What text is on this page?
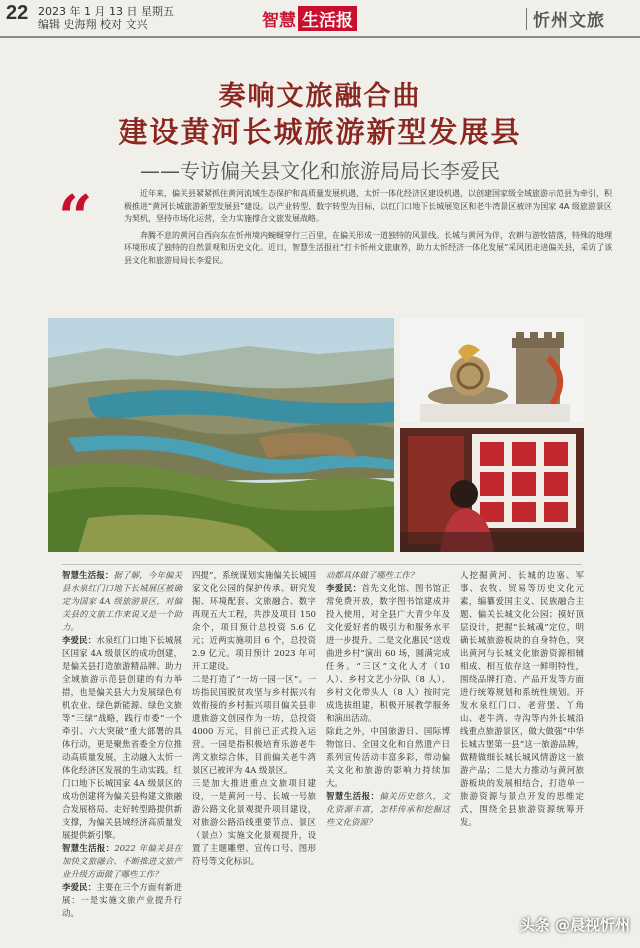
22 2023 年 1 月 13 日 星期五
编辑 史海翔 校对 文兴	智慧 生活报	忻州文旅
奏响文旅融合曲
建设黄河长城旅游新型发展县
——专访偏关县文化和旅游局局长李爱民
“	近年来，偏关县紧紧抓住黄河流域生态保护和高质量发展机遇、太忻一体化经济区建设机遇，以创建国家级全域旅游示范县为牵引，积极推进“黄河长城旅游新型发展县”建设。以产业转型、数字转型为目标，以红门口地下长城展览区和老牛湾景区被评为国家 4A 级旅游景区为契机，坚持市场化运营，全力实施撑合文旅发展战略。

奔腾不息的黄河自西向东在忻州境内蜿蜒穿行三百里，在偏关形成一道独特的风景线。长城与黄河为伴，农耕与游牧错落，特殊的地理环境形成了独特的自然景观和历史文化。近日，智慧生活报社“打卡忻州文旅康养，助力太忻经济一体化发展”采风团走进偏关县，采访了该县文化和旅游局局长李爱民。

智慧生活报：据了解，今年偏关县水泉红门口地下长城展区被确定为国家 4A 级旅游景区，对偏关县的文旅工作来说又是一个助力。

李爱民：水泉红门口地下长城展区国家 4A 级景区的成功创建，是偏关县打造旅游精品牌、助力全域旅游示范县创建的有力举措，也是偏关县大力发展绿色有机农业、绿色新能源、绿色文旅等“三绿”战略，践行市委“一个牵引、六大突破”重大部署的具体行动，更是聚焦省委全方位推动高质量发展，主动融入太忻一体化经济区发展的生动实践。红门口地下长城国家 4A 级景区的成功创建将为偏关县构建文旅融合发展格局、走好转型路提供新支撑，为偏关县域经济高质量发展提供新引擎。

智慧生活报：2022 年偏关县在加快文旅融合、不断推进文旅产业升级方面做了哪些工作？

李爱民：主要在三个方面有新进展：一是实施文旅产业提升行动。

四提”，系统谋划实施偏关长城国家文化公园的保护传承、研究发掘、环境配套、文旅融合、数字再现五大工程，共涉及项目 150 余个，项目预计总投资 5.6 亿元；近两实施项目 6 个，总投资 2.9 亿元。项目预计 2023 年可开工建设。

二是打造了“一坊一园一区”。一坊指民国脱贫攻坚与乡村振兴有效衔接的乡村振兴项目偏关县非遗旅游文创园作为一坊，总投资 4000 万元，目前已正式投入运营。一园是指积极培育乐游老牛湾文旅综合体，目前偏关老牛湾景区已被评为 4A 级景区。

三是加大推进重点文旅项目建设，一是黄河一号、长城一号旅游公路文化景观提升项目建设，对旅游公路沿线重要节点、景区（景点）实施文化景观提升，设置了主题雕塑、宣传口号、图形符号等文化标识。

动都具体做了哪些工作？

李爱民：首先文化馆、图书馆正常免费开放，数字图书馆建成并投入使用，对全县广大青少年及文化爱好者的吸引力和服务水平进一步提升。二是文化惠民“送戏曲进乡村”演出 60 场，圆满完成任务。“三区”文化人才（10 人）、乡村文艺小分队（8 人）、乡村文化带头人（8 人）按时完成选拔组建，积极开展教学服务和演出活动。

除此之外，中国旅游日、国际博物馆日、全国文化和自然遗产日系列宣传活动丰富多彩，带动偏关文化和旅游的影响力持续加大。

智慧生活报：偏关历史悠久，文化资源丰富，怎样传承和挖掘这些文化资源？

人挖掘黄河、长城的边塞、军事、农牧、贸易等历史文化元素，编纂爱国主义、民族融合主题、偏关长城文化公园；摸好顶层设计，把握“长城魂”定位，明确长城旅游板块的自身特色，突出黄河与长城文化旅游资源相辅相成、相互依存这一鲜明特性，围绕品牌打造、产品开发等方面进行统筹规划和系统性规划。开发水泉红门口、老营堡、丫角山、老牛湾、寺沟等内外长城沿线重点旅游景区，做大做强“中华长城古堡第一县”这一旅游品牌，做精做细长城长城风情游这一旅游产品；二是大力推动与黄河旅游板块的发展相结合，打造单一旅游资源与景点开发的思维定式，围绕全县旅游资源统筹开发。

头条 @晨视忻州
